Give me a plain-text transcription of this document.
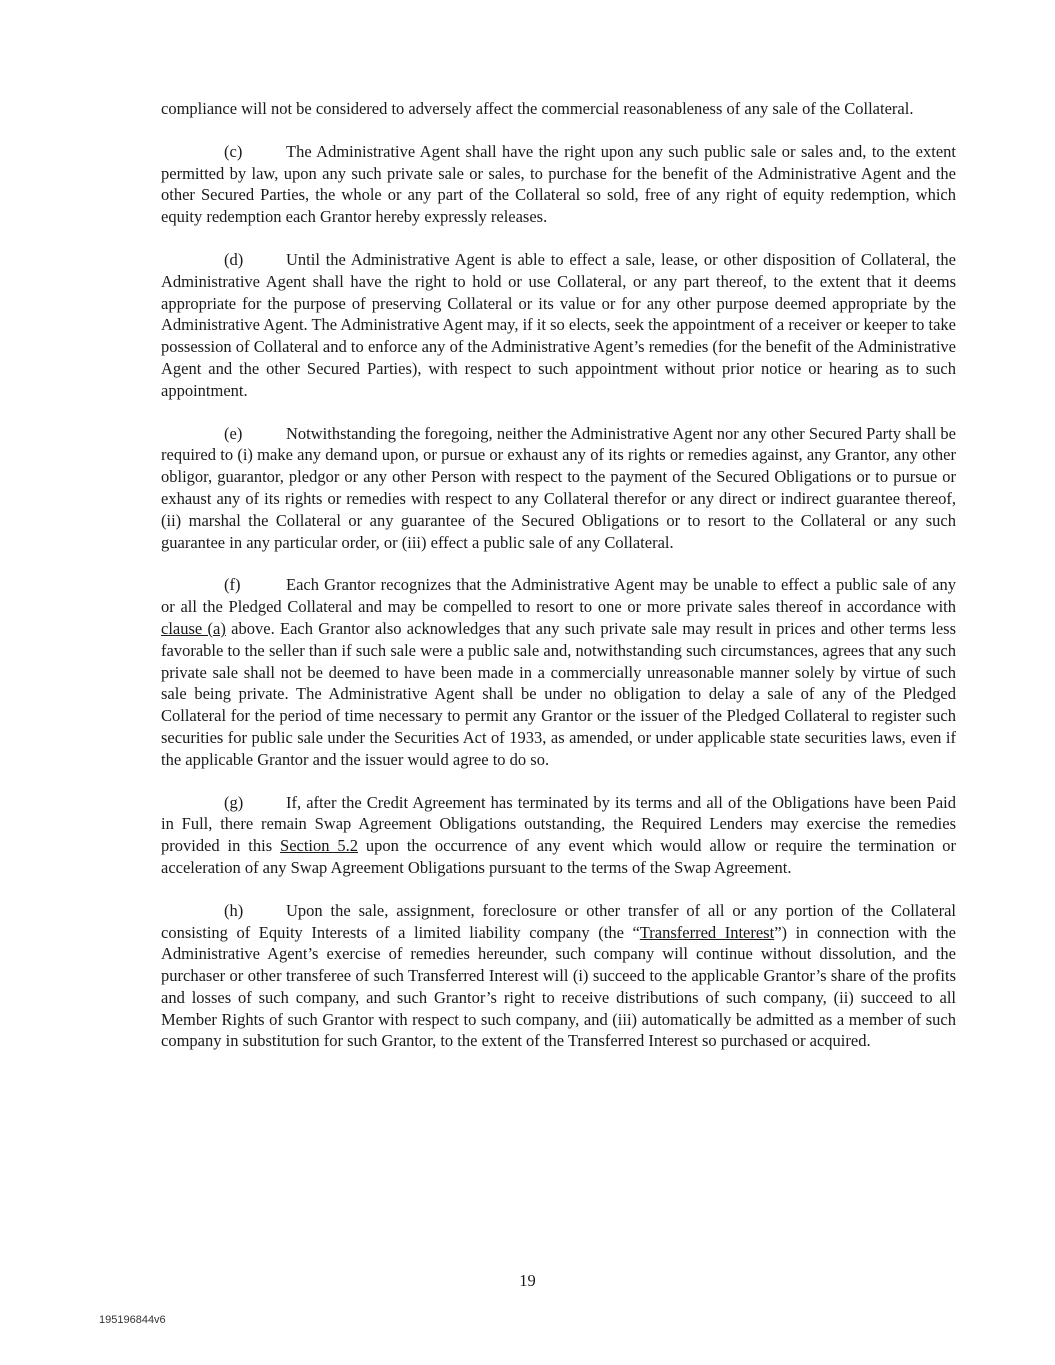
compliance will not be considered to adversely affect the commercial reasonableness of any sale of the Collateral.

(c)	The Administrative Agent shall have the right upon any such public sale or sales and, to the extent permitted by law, upon any such private sale or sales, to purchase for the benefit of the Administrative Agent and the other Secured Parties, the whole or any part of the Collateral so sold, free of any right of equity redemption, which equity redemption each Grantor hereby expressly releases.

(d)	Until the Administrative Agent is able to effect a sale, lease, or other disposition of Collateral, the Administrative Agent shall have the right to hold or use Collateral, or any part thereof, to the extent that it deems appropriate for the purpose of preserving Collateral or its value or for any other purpose deemed appropriate by the Administrative Agent. The Administrative Agent may, if it so elects, seek the appointment of a receiver or keeper to take possession of Collateral and to enforce any of the Administrative Agent’s remedies (for the benefit of the Administrative Agent and the other Secured Parties), with respect to such appointment without prior notice or hearing as to such appointment.

(e)	Notwithstanding the foregoing, neither the Administrative Agent nor any other Secured Party shall be required to (i) make any demand upon, or pursue or exhaust any of its rights or remedies against, any Grantor, any other obligor, guarantor, pledgor or any other Person with respect to the payment of the Secured Obligations or to pursue or exhaust any of its rights or remedies with respect to any Collateral therefor or any direct or indirect guarantee thereof, (ii) marshal the Collateral or any guarantee of the Secured Obligations or to resort to the Collateral or any such guarantee in any particular order, or (iii) effect a public sale of any Collateral.

(f)	Each Grantor recognizes that the Administrative Agent may be unable to effect a public sale of any or all the Pledged Collateral and may be compelled to resort to one or more private sales thereof in accordance with clause (a) above. Each Grantor also acknowledges that any such private sale may result in prices and other terms less favorable to the seller than if such sale were a public sale and, notwithstanding such circumstances, agrees that any such private sale shall not be deemed to have been made in a commercially unreasonable manner solely by virtue of such sale being private. The Administrative Agent shall be under no obligation to delay a sale of any of the Pledged Collateral for the period of time necessary to permit any Grantor or the issuer of the Pledged Collateral to register such securities for public sale under the Securities Act of 1933, as amended, or under applicable state securities laws, even if the applicable Grantor and the issuer would agree to do so.

(g)	If, after the Credit Agreement has terminated by its terms and all of the Obligations have been Paid in Full, there remain Swap Agreement Obligations outstanding, the Required Lenders may exercise the remedies provided in this Section 5.2 upon the occurrence of any event which would allow or require the termination or acceleration of any Swap Agreement Obligations pursuant to the terms of the Swap Agreement.

(h)	Upon the sale, assignment, foreclosure or other transfer of all or any portion of the Collateral consisting of Equity Interests of a limited liability company (the “Transferred Interest”) in connection with the Administrative Agent’s exercise of remedies hereunder, such company will continue without dissolution, and the purchaser or other transferee of such Transferred Interest will (i) succeed to the applicable Grantor’s share of the profits and losses of such company, and such Grantor’s right to receive distributions of such company, (ii) succeed to all Member Rights of such Grantor with respect to such company, and (iii) automatically be admitted as a member of such company in substitution for such Grantor, to the extent of the Transferred Interest so purchased or acquired.

19
195196844v6
